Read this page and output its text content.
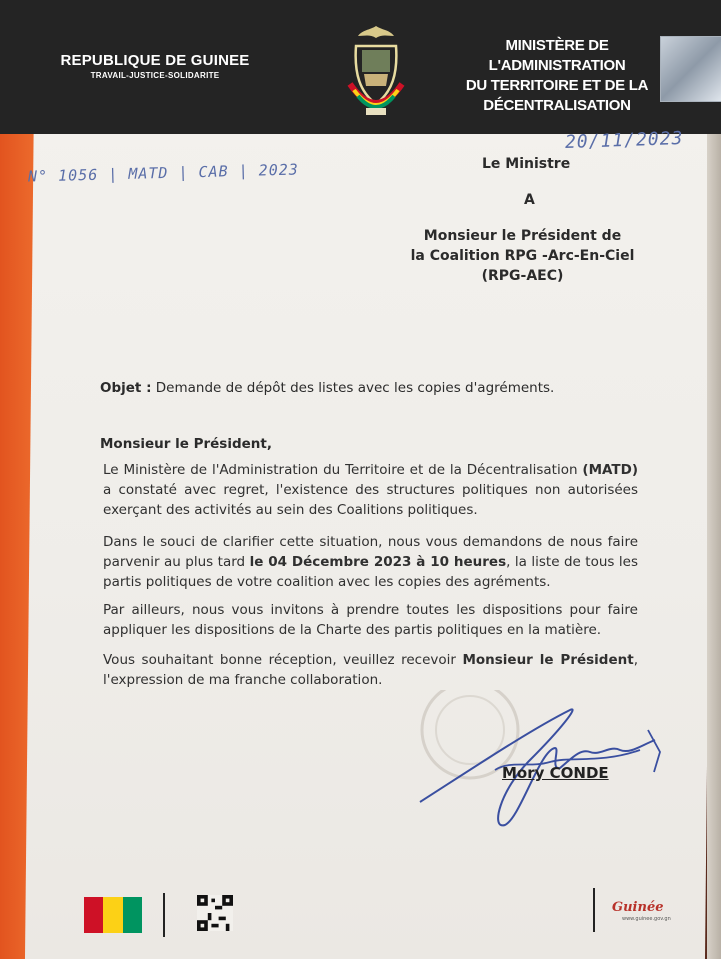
REPUBLIQUE DE GUINEE
TRAVAIL-JUSTICE-SOLIDARITE
MINISTÈRE DE L'ADMINISTRATION
DU TERRITOIRE ET DE LA
DÉCENTRALISATION
20/11/2023
N° 1056 | MATD | CAB | 2023	Le Ministre
A
Monsieur le Président de
la Coalition RPG -Arc-En-Ciel
(RPG-AEC)
Objet : Demande de dépôt des listes avec les copies d'agréments.
Monsieur le Président,
Le Ministère de l'Administration du Territoire et de la Décentralisation (MATD) a constaté avec regret, l'existence des structures politiques non autorisées exerçant des activités au sein des Coalitions politiques.
Dans le souci de clarifier cette situation, nous vous demandons de nous faire parvenir au plus tard le 04 Décembre 2023 à 10 heures, la liste de tous les partis politiques de votre coalition avec les copies des agréments.
Par ailleurs, nous vous invitons à prendre toutes les dispositions pour faire appliquer les dispositions de la Charte des partis politiques en la matière.
Vous souhaitant bonne réception, veuillez recevoir Monsieur le Président, l'expression de ma franche collaboration.
Mory CONDE
Guinée
www.guinee.gov.gn
